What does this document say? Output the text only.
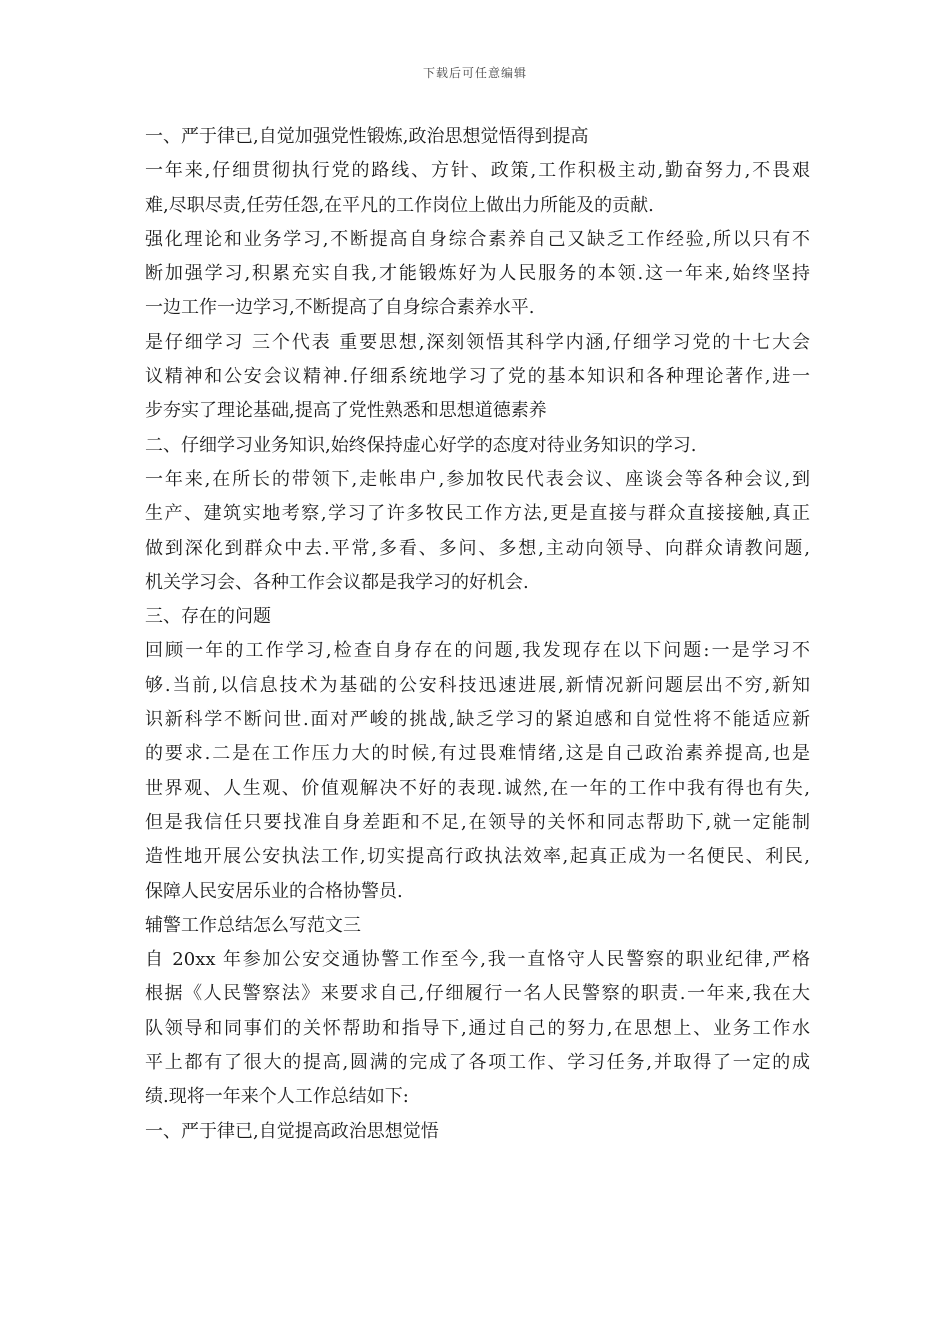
下载后可任意编辑

一、严于律已,自觉加强党性锻炼,政治思想觉悟得到提高

一年来,仔细贯彻执行党的路线、方针、政策,工作积极主动,勤奋努力,不畏艰

难,尽职尽责,任劳任怨,在平凡的工作岗位上做出力所能及的贡献.

强化理论和业务学习,不断提高自身综合素养自己又缺乏工作经验,所以只有不

断加强学习,积累充实自我,才能锻炼好为人民服务的本领.这一年来,始终坚持

一边工作一边学习,不断提高了自身综合素养水平.

是仔细学习 三个代表 重要思想,深刻领悟其科学内涵,仔细学习党的十七大会

议精神和公安会议精神.仔细系统地学习了党的基本知识和各种理论著作,进一

步夯实了理论基础,提高了党性熟悉和思想道德素养

二、仔细学习业务知识,始终保持虚心好学的态度对待业务知识的学习.

一年来,在所长的带领下,走帐串户,参加牧民代表会议、座谈会等各种会议,到

生产、建筑实地考察,学习了许多牧民工作方法,更是直接与群众直接接触,真正

做到深化到群众中去.平常,多看、多问、多想,主动向领导、向群众请教问题,

机关学习会、各种工作会议都是我学习的好机会.

三、存在的问题

回顾一年的工作学习,检查自身存在的问题,我发现存在以下问题:一是学习不

够.当前,以信息技术为基础的公安科技迅速进展,新情况新问题层出不穷,新知

识新科学不断问世.面对严峻的挑战,缺乏学习的紧迫感和自觉性将不能适应新

的要求.二是在工作压力大的时候,有过畏难情绪,这是自己政治素养提高,也是

世界观、人生观、价值观解决不好的表现.诚然,在一年的工作中我有得也有失,

但是我信任只要找准自身差距和不足,在领导的关怀和同志帮助下,就一定能制

造性地开展公安执法工作,切实提高行政执法效率,起真正成为一名便民、利民,

保障人民安居乐业的合格协警员.

辅警工作总结怎么写范文三

自 20xx 年参加公安交通协警工作至今,我一直恪守人民警察的职业纪律,严格

根据《人民警察法》来要求自己,仔细履行一名人民警察的职责.一年来,我在大

队领导和同事们的关怀帮助和指导下,通过自己的努力,在思想上、业务工作水

平上都有了很大的提高,圆满的完成了各项工作、学习任务,并取得了一定的成

绩.现将一年来个人工作总结如下:

一、严于律已,自觉提高政治思想觉悟
